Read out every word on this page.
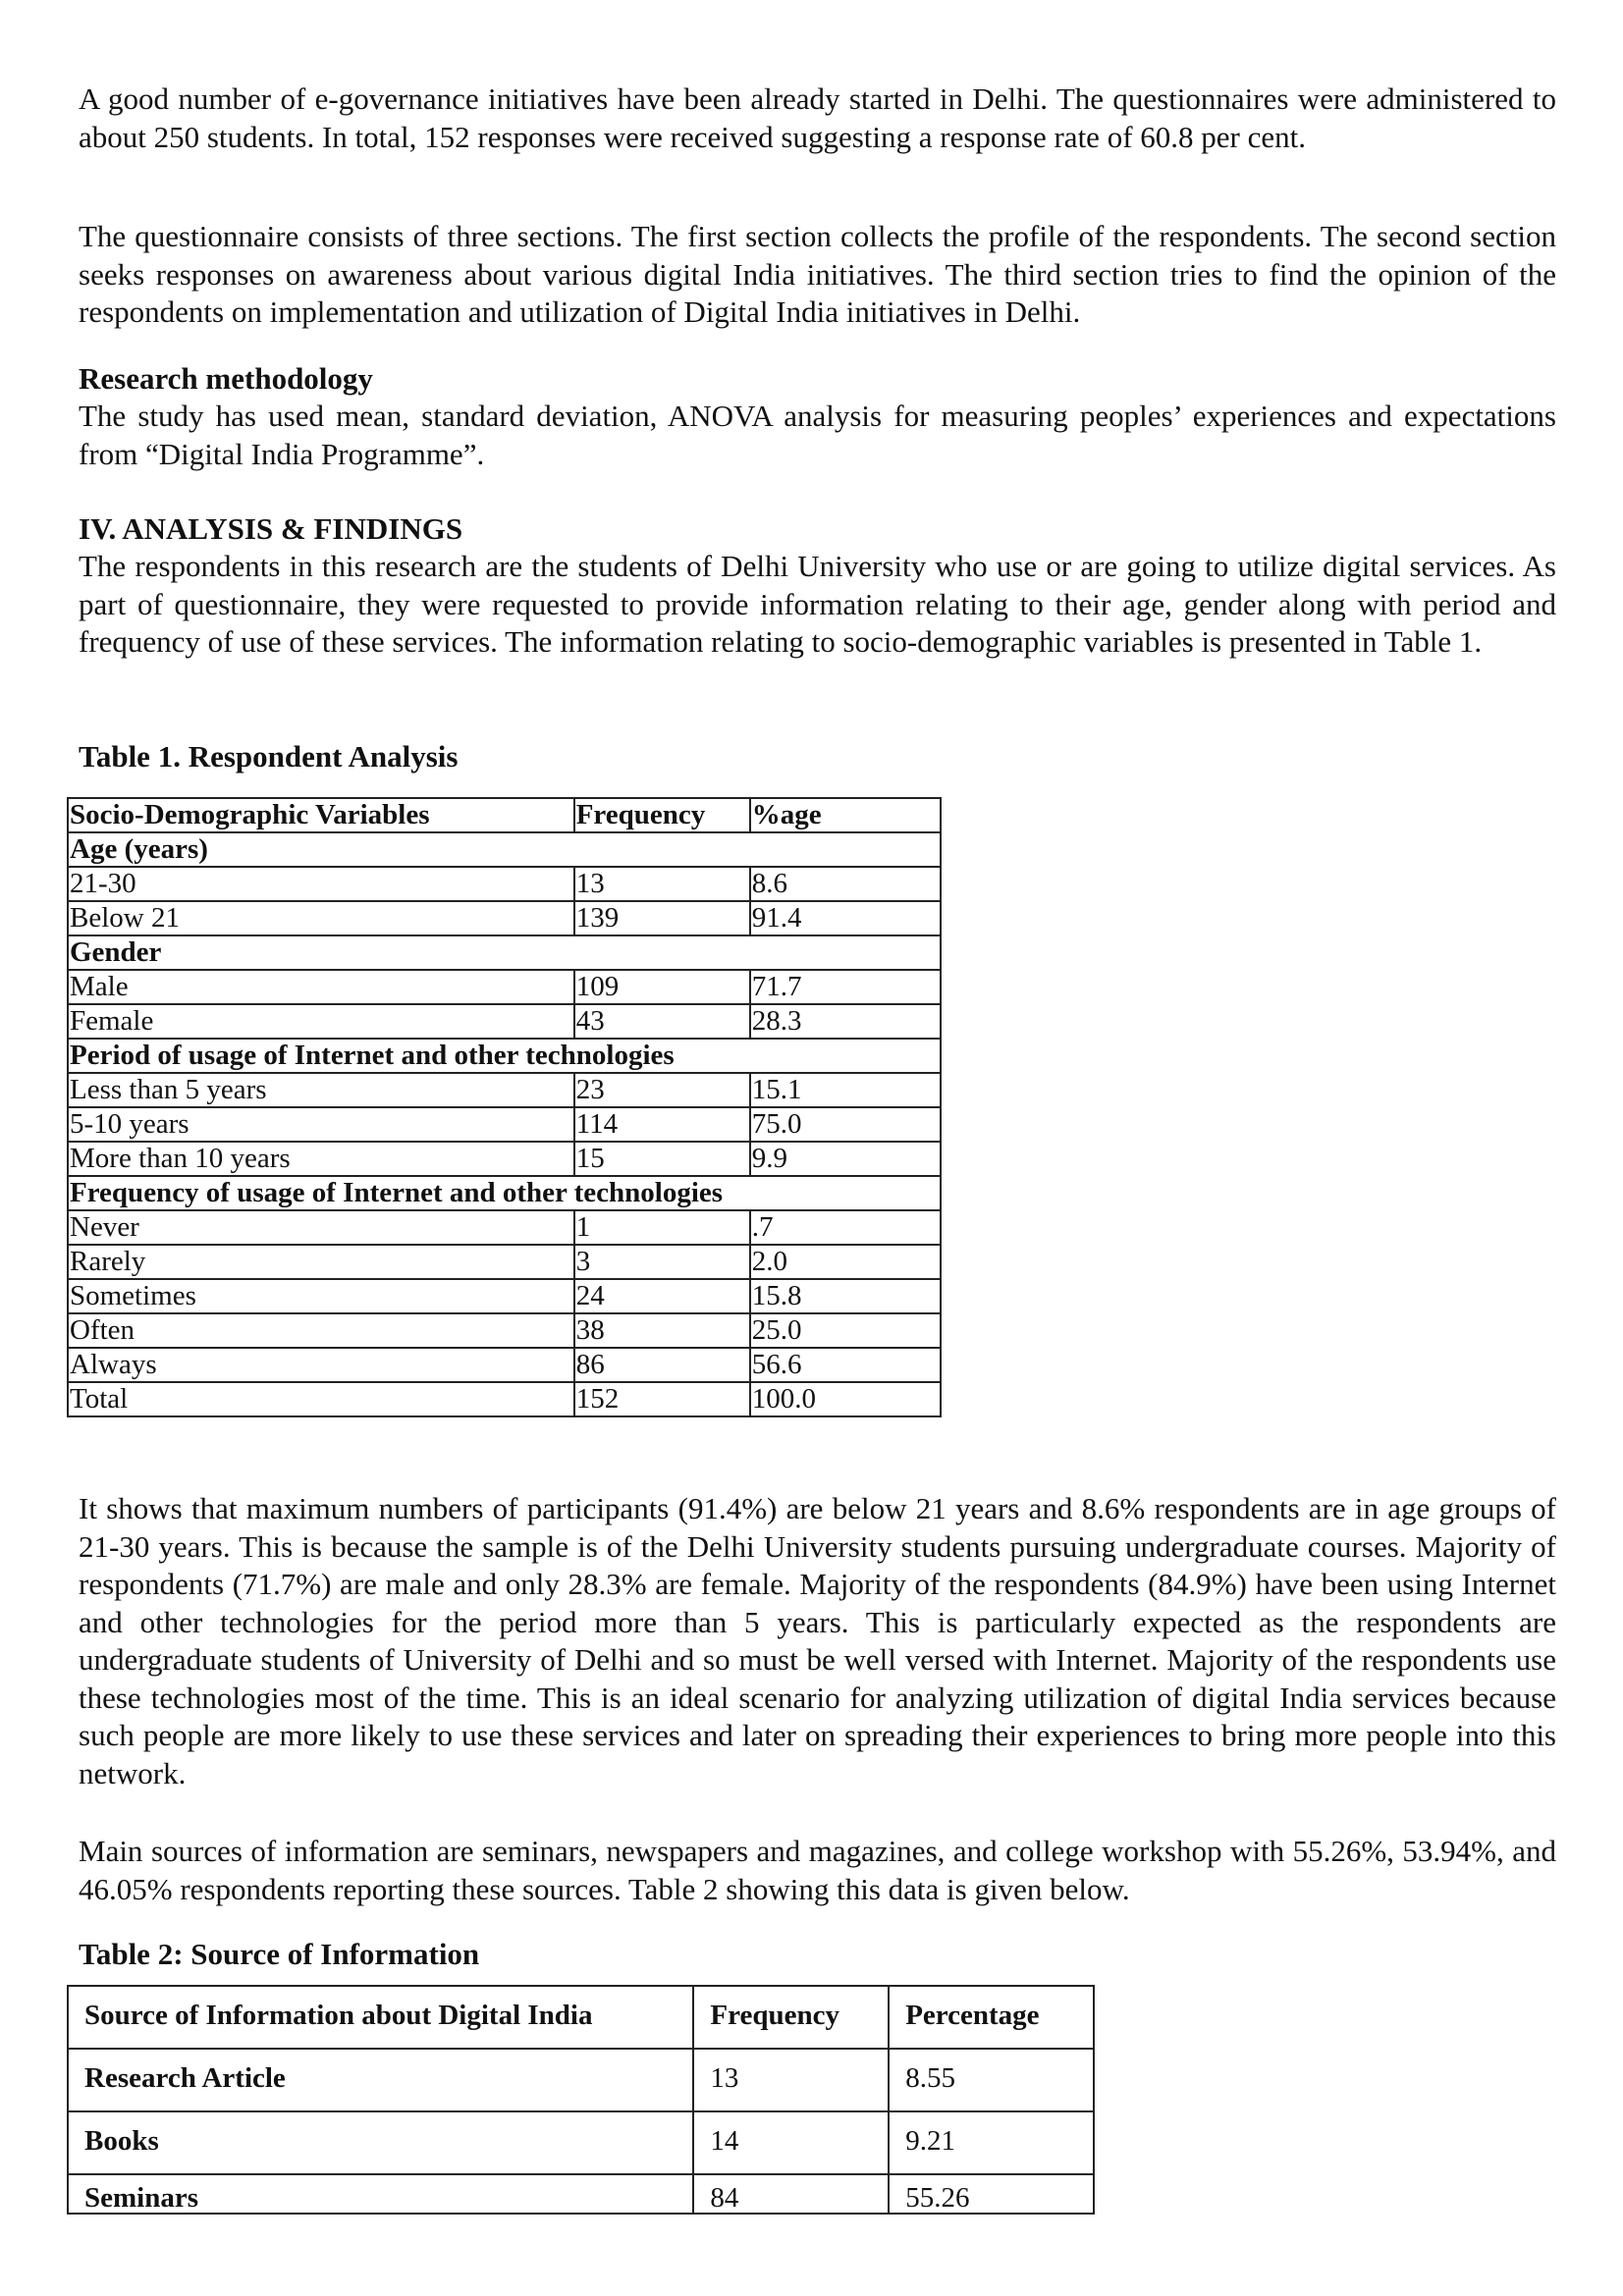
A good number of e-governance initiatives have been already started in Delhi. The questionnaires were administered to about 250 students. In total, 152 responses were received suggesting a response rate of 60.8 per cent.

The questionnaire consists of three sections. The first section collects the profile of the respondents. The second section seeks responses on awareness about various digital India initiatives. The third section tries to find the opinion of the respondents on implementation and utilization of Digital India initiatives in Delhi.

Research methodology

The study has used mean, standard deviation, ANOVA analysis for measuring peoples’ experiences and expectations from “Digital India Programme”.

IV. ANALYSIS & FINDINGS

The respondents in this research are the students of Delhi University who use or are going to utilize digital services. As part of questionnaire, they were requested to provide information relating to their age, gender along with period and frequency of use of these services. The information relating to socio-demographic variables is presented in Table 1.

Table 1. Respondent Analysis

It shows that maximum numbers of participants (91.4%) are below 21 years and 8.6% respondents are in age groups of 21-30 years. This is because the sample is of the Delhi University students pursuing undergraduate courses. Majority of respondents (71.7%) are male and only 28.3% are female. Majority of the respondents (84.9%) have been using Internet and other technologies for the period more than 5 years. This is particularly expected as the respondents are undergraduate students of University of Delhi and so must be well versed with Internet. Majority of the respondents use these technologies most of the time. This is an ideal scenario for analyzing utilization of digital India services because such people are more likely to use these services and later on spreading their experiences to bring more people into this network.

Main sources of information are seminars, newspapers and magazines, and college workshop with 55.26%, 53.94%, and 46.05% respondents reporting these sources. Table 2 showing this data is given below.

Table 2: Source of Information

Socio-Demographic Variables	Frequency	%age
Age (years)		
21-30	13	8.6
Below 21	139	91.4
Gender		
Male	109	71.7
Female	43	28.3
Period of usage of Internet and other technologies		
Less than 5 years	23	15.1
5-10 years	114	75.0
More than 10 years	15	9.9
Frequency of usage of Internet and other technologies		
Never	1	.7
Rarely	3	2.0
Sometimes	24	15.8
Often	38	25.0
Always	86	56.6
Total	152	100.0
Source of Information about Digital India	Frequency	Percentage
Research Article	13	8.55
Books	14	9.21
Seminars	84	55.26
